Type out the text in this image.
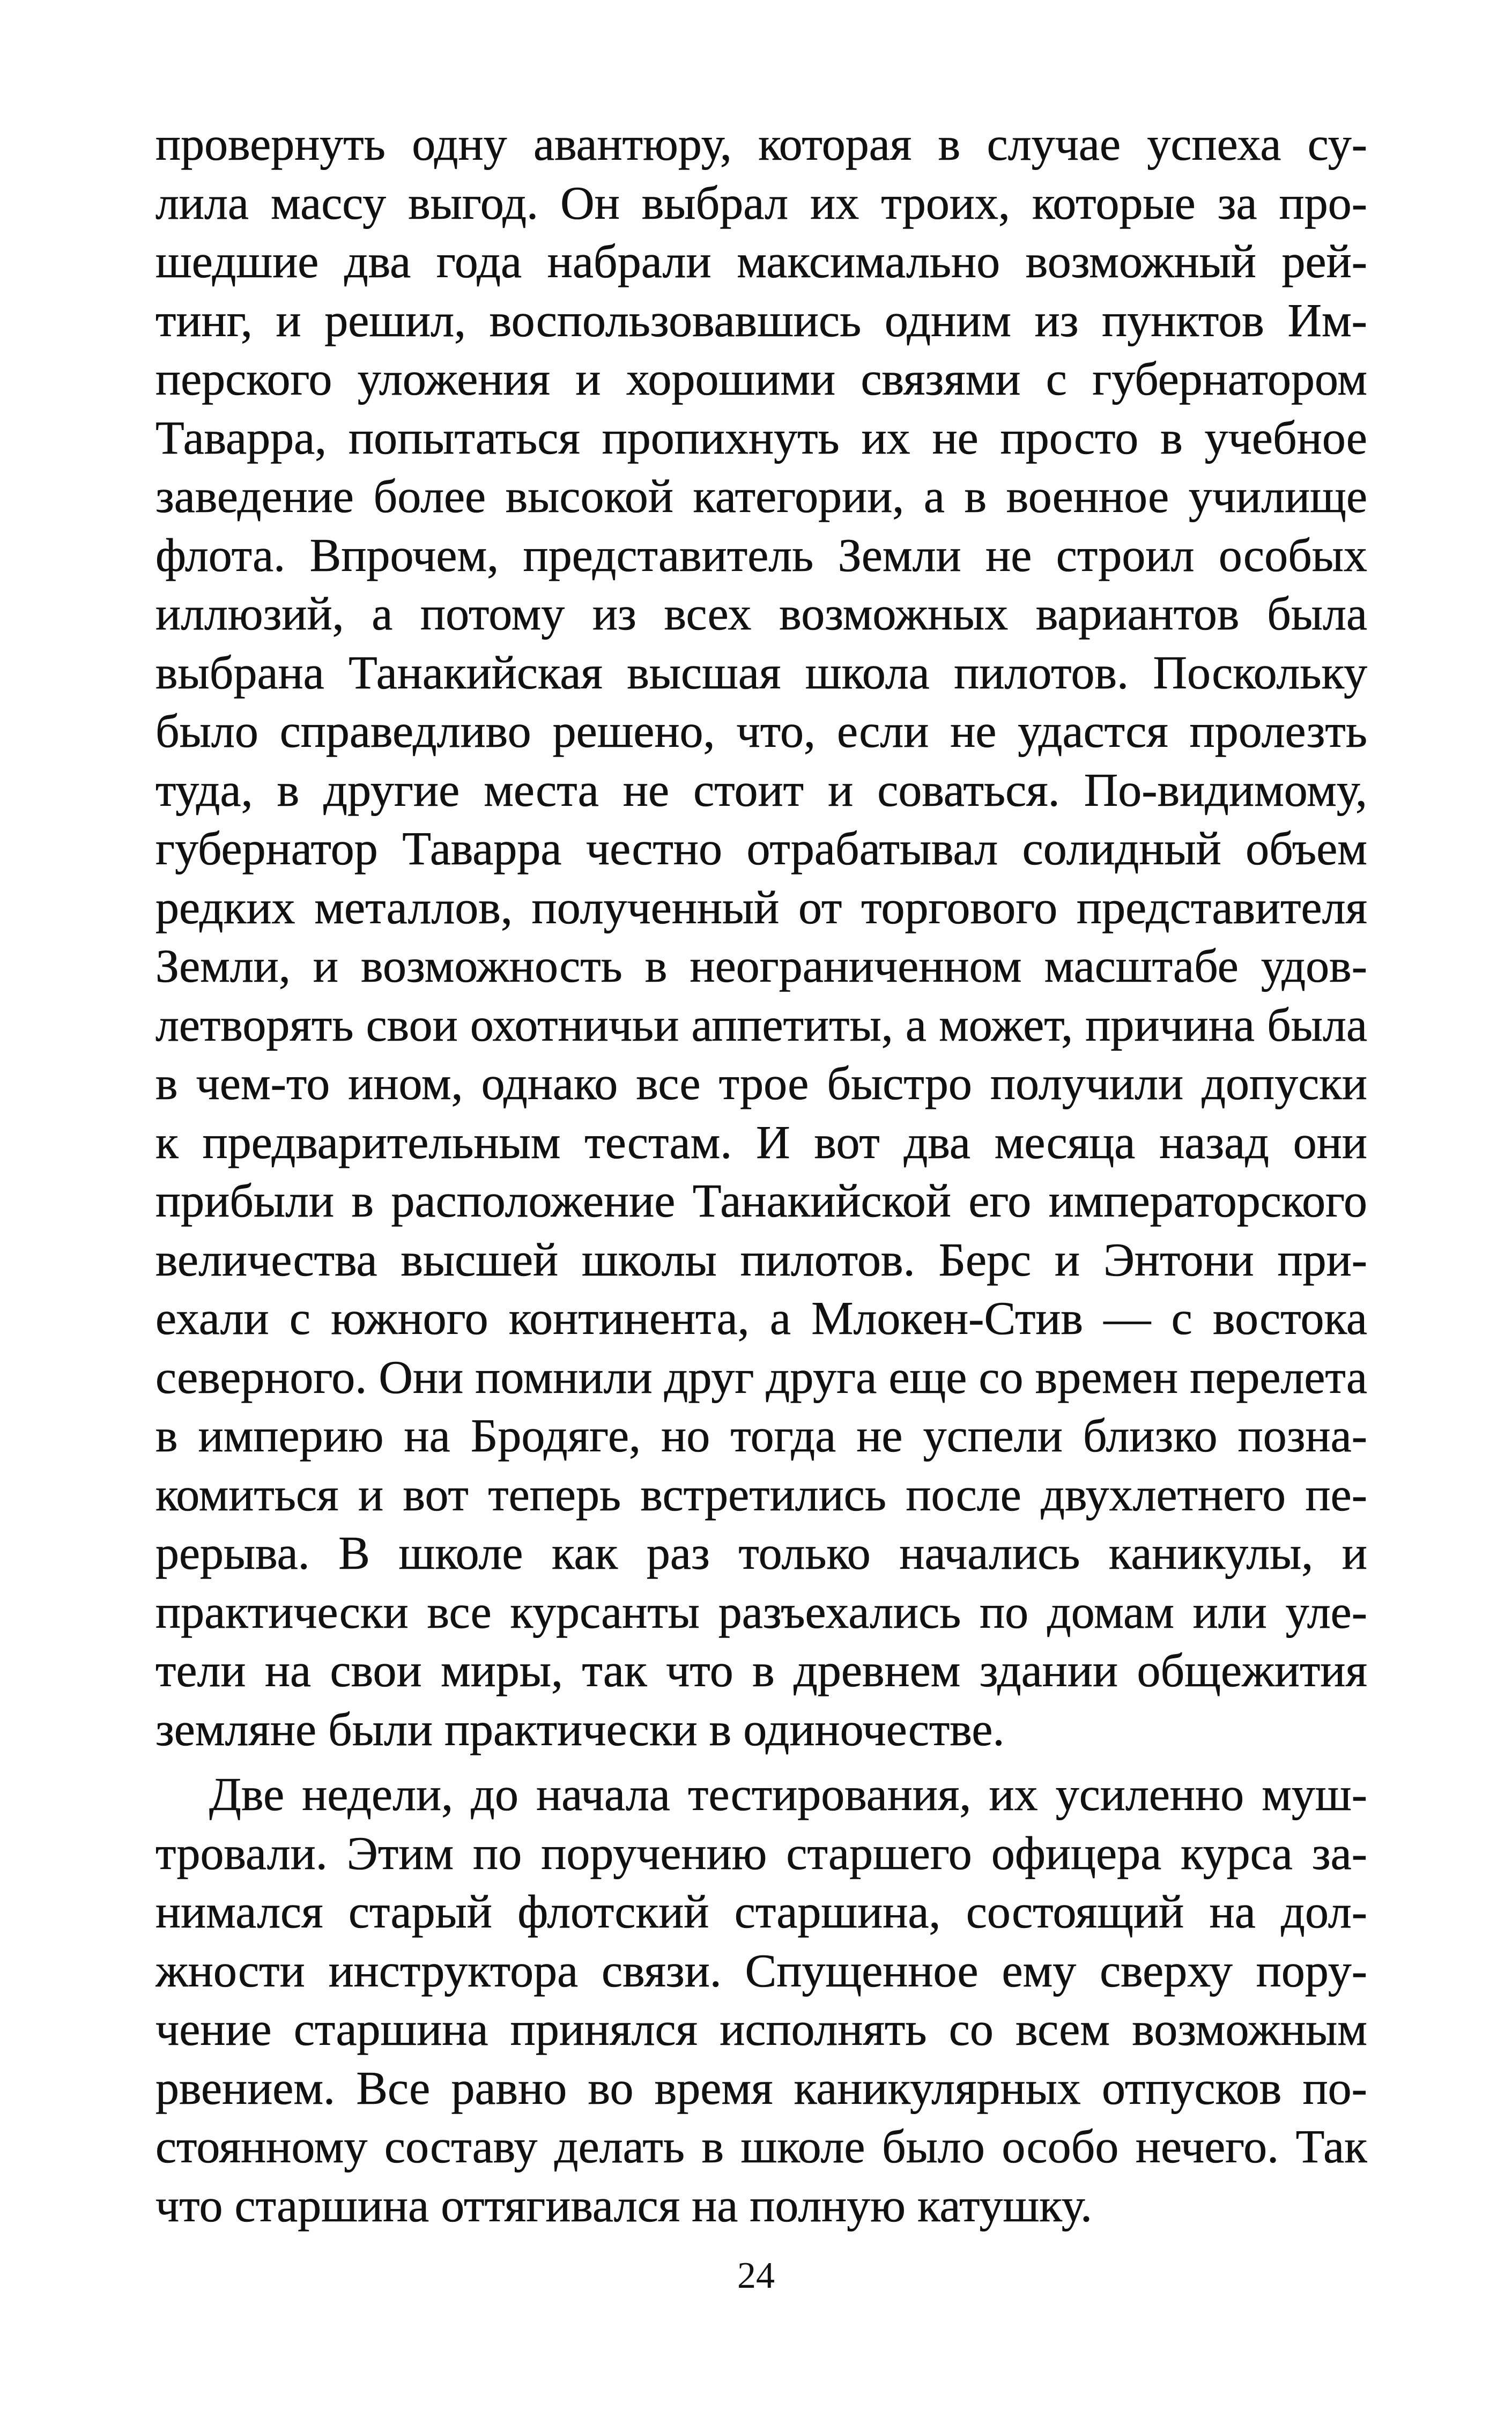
провернуть одну авантюру, которая в случае успеха су-
лила массу выгод. Он выбрал их троих, которые за про-
шедшие два года набрали максимально возможный рей-
тинг, и решил, воспользовавшись одним из пунктов Им-
перского уложения и хорошими связями с губернатором
Таварра, попытаться пропихнуть их не просто в учебное
заведение более высокой категории, а в военное училище
флота. Впрочем, представитель Земли не строил особых
иллюзий, а потому из всех возможных вариантов была
выбрана Танакийская высшая школа пилотов. Поскольку
было справедливо решено, что, если не удастся пролезть
туда, в другие места не стоит и соваться. По-видимому,
губернатор Таварра честно отрабатывал солидный объем
редких металлов, полученный от торгового представителя
Земли, и возможность в неограниченном масштабе удов-
летворять свои охотничьи аппетиты, а может, причина была
в чем-то ином, однако все трое быстро получили допуски
к предварительным тестам. И вот два месяца назад они
прибыли в расположение Танакийской его императорского
величества высшей школы пилотов. Берс и Энтони при-
ехали с южного континента, а Млокен-Стив — с востока
северного. Они помнили друг друга еще со времен перелета
в империю на Бродяге, но тогда не успели близко позна-
комиться и вот теперь встретились после двухлетнего пе-
рерыва. В школе как раз только начались каникулы, и
практически все курсанты разъехались по домам или уле-
тели на свои миры, так что в древнем здании общежития
земляне были практически в одиночестве.
Две недели, до начала тестирования, их усиленно муш-
тровали. Этим по поручению старшего офицера курса за-
нимался старый флотский старшина, состоящий на дол-
жности инструктора связи. Спущенное ему сверху пору-
чение старшина принялся исполнять со всем возможным
рвением. Все равно во время каникулярных отпусков по-
стоянному составу делать в школе было особо нечего. Так
что старшина оттягивался на полную катушку.
24
